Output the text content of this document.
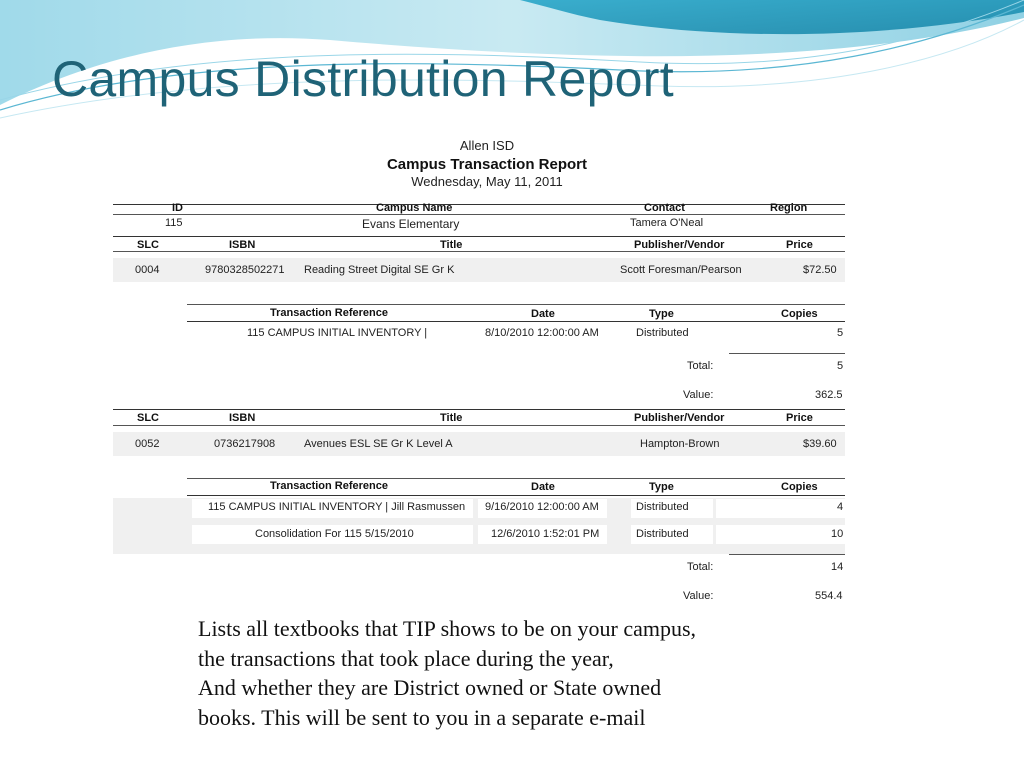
Campus Distribution Report
Allen ISD
Campus Transaction Report
Wednesday, May 11, 2011
ID	Campus Name	Contact	Region
115	Evans Elementary	Tamera O'Neal
SLC	ISBN	Title	Publisher/Vendor	Price
0004	9780328502271 Reading Street Digital SE Gr K	Scott Foresman/Pearson	$72.50
Transaction Reference	Date	Type	Copies
115 CAMPUS INITIAL INVENTORY |	8/10/2010 12:00:00 AM	Distributed	5
Total:	5
Value:	362.5
SLC	ISBN	Title	Publisher/Vendor	Price
0052	0736217908	Avenues ESL SE Gr K Level A	Hampton-Brown	$39.60
Transaction Reference	Date	Type	Copies
115 CAMPUS INITIAL INVENTORY | Jill Rasmussen 9/16/2010 12:00:00 AM	Distributed	4
Consolidation For 115 5/15/2010	12/6/2010 1:52:01 PM	Distributed	10
Total:	14
Value:	554.4
Lists all textbooks that TIP shows to be on your campus,
the transactions that took place during the year,
And whether they are District owned or State owned
books. This will be sent to you in a separate e-mail
